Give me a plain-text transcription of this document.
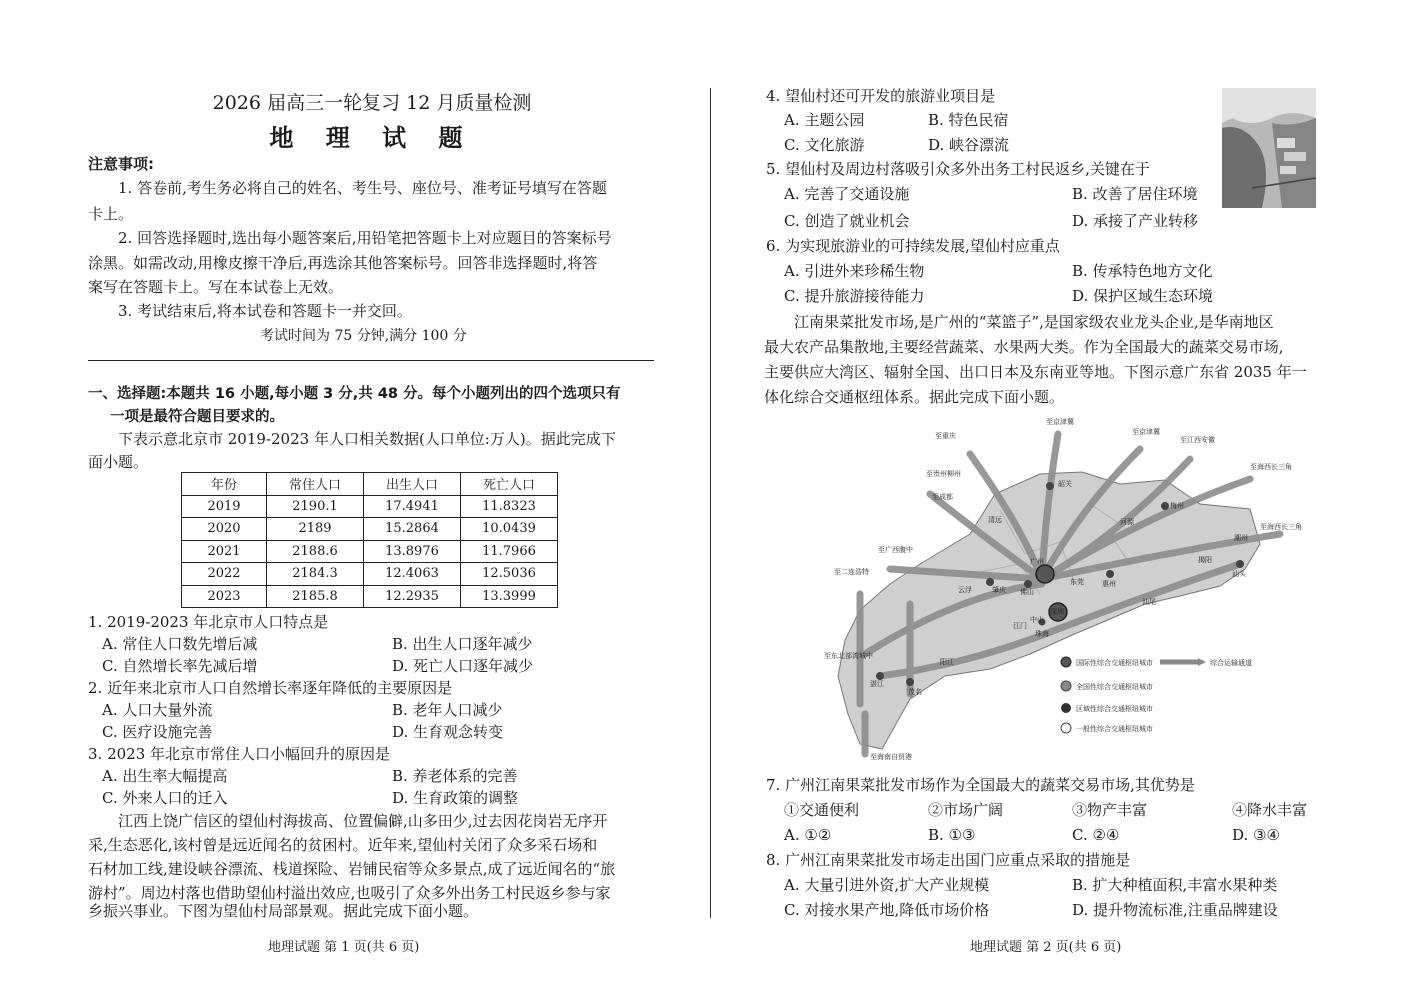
2026 届高三一轮复习 12 月质量检测
地 理 试 题
注意事项:
1. 答卷前,考生务必将自己的姓名、考生号、座位号、准考证号填写在答题
卡上。
2. 回答选择题时,选出每小题答案后,用铅笔把答题卡上对应题目的答案标号
涂黑。如需改动,用橡皮擦干净后,再选涂其他答案标号。回答非选择题时,将答
案写在答题卡上。写在本试卷上无效。
3. 考试结束后,将本试卷和答题卡一并交回。
考试时间为 75 分钟,满分 100 分
一、选择题:本题共 16 小题,每小题 3 分,共 48 分。每个小题列出的四个选项只有
一项是最符合题目要求的。
下表示意北京市 2019-2023 年人口相关数据(人口单位:万人)。据此完成下
面小题。
年份	常住人口	出生人口	死亡人口
2019	2190.1	17.4941	11.8323
2020	2189	15.2864	10.0439
2021	2188.6	13.8976	11.7966
2022	2184.3	12.4063	12.5036
2023	2185.8	12.2935	13.3999
1. 2019-2023 年北京市人口特点是
A. 常住人口数先增后减	B. 出生人口逐年减少
C. 自然增长率先减后增	D. 死亡人口逐年减少
2. 近年来北京市人口自然增长率逐年降低的主要原因是
A. 人口大量外流	B. 老年人口减少
C. 医疗设施完善	D. 生育观念转变
3. 2023 年北京市常住人口小幅回升的原因是
A. 出生率大幅提高	B. 养老体系的完善
C. 外来人口的迁入	D. 生育政策的调整
江西上饶广信区的望仙村海拔高、位置偏僻,山多田少,过去因花岗岩无序开
采,生态恶化,该村曾是远近闻名的贫困村。近年来,望仙村关闭了众多采石场和
石材加工线,建设峡谷漂流、栈道探险、岩铺民宿等众多景点,成了远近闻名的“旅
游村”。周边村落也借助望仙村溢出效应,也吸引了众多外出务工村民返乡参与家
乡振兴事业。下图为望仙村局部景观。据此完成下面小题。
地理试题 第 1 页(共 6 页)
4. 望仙村还可开发的旅游业项目是
A. 主题公园	B. 特色民宿
C. 文化旅游	D. 峡谷漂流
5. 望仙村及周边村落吸引众多外出务工村民返乡,关键在于
A. 完善了交通设施	B. 改善了居住环境
C. 创造了就业机会	D. 承接了产业转移
6. 为实现旅游业的可持续发展,望仙村应重点
A. 引进外来珍稀生物	B. 传承特色地方文化
C. 提升旅游接待能力	D. 保护区域生态环境
江南果菜批发市场,是广州的“菜篮子”,是国家级农业龙头企业,是华南地区
最大农产品集散地,主要经营蔬菜、水果两大类。作为全国最大的蔬菜交易市场,
主要供应大湾区、辐射全国、出口日本及东南亚等地。下图示意广东省 2035 年一
体化综合交通枢纽体系。据此完成下面小题。
7. 广州江南果菜批发市场作为全国最大的蔬菜交易市场,其优势是
①交通便利	②市场广阔	③物产丰富	④降水丰富
A. ①②	B. ①③	C. ②④	D. ③④
8. 广州江南果菜批发市场走出国门应重点采取的措施是
A. 大量引进外资,扩大产业规模	B. 扩大种植面积,丰富水果种类
C. 对接水果产地,降低市场价格	D. 提升物流标准,注重品牌建设
地理试题 第 2 页(共 6 页)
至重庆
至京津冀
至京津冀
至江西安徽
至海西长三角
至海西长三角
至贵州柳州
至成都
至广西腹中
至二连浩特
至东北部湾城中
至海南自贸港
韶关
广州
深圳
佛山
东莞
肇庆
云浮
中山
珠海
江门
惠州
汕尾
梅州
汕头
揭阳
潮州
湛江
茂名
阳江
清远	河源
国际性综合交通枢纽城市	综合运输通道
全国性综合交通枢纽城市
区域性综合交通枢纽城市
一般性综合交通枢纽城市
